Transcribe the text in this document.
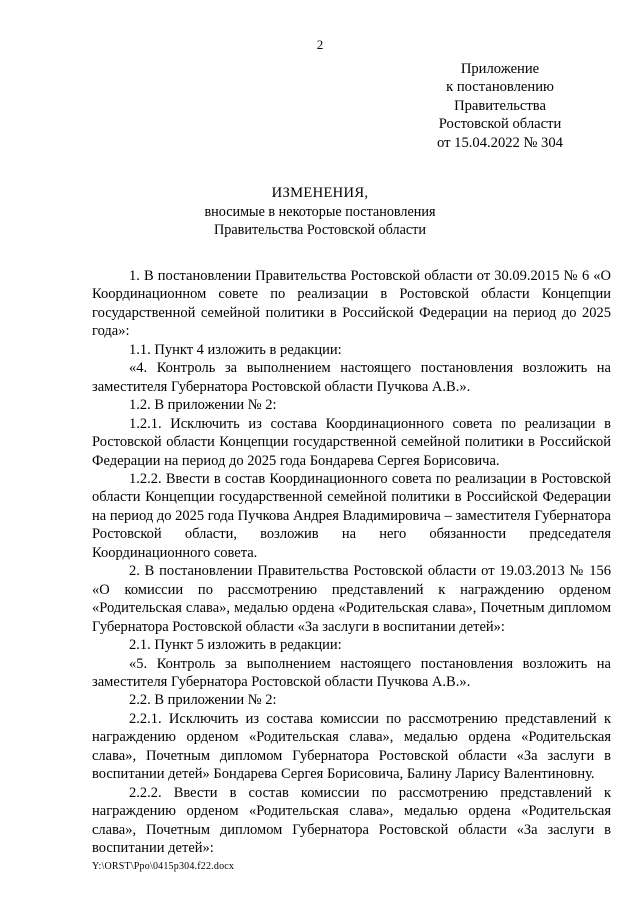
2
Приложение
к постановлению
Правительства
Ростовской области
от 15.04.2022 № 304
ИЗМЕНЕНИЯ,
вносимые в некоторые постановления
Правительства Ростовской области

1. В постановлении Правительства Ростовской области от 30.09.2015 № 6 «О Координационном совете по реализации в Ростовской области Концепции государственной семейной политики в Российской Федерации на период до 2025 года»:

1.1. Пункт 4 изложить в редакции:

«4. Контроль за выполнением настоящего постановления возложить на заместителя Губернатора Ростовской области Пучкова А.В.».

1.2. В приложении № 2:

1.2.1. Исключить из состава Координационного совета по реализации в Ростовской области Концепции государственной семейной политики в Российской Федерации на период до 2025 года Бондарева Сергея Борисовича.

1.2.2. Ввести в состав Координационного совета по реализации в Ростовской области Концепции государственной семейной политики в Российской Федерации на период до 2025 года Пучкова Андрея Владимировича – заместителя Губернатора Ростовской области, возложив на него обязанности председателя Координационного совета.

2. В постановлении Правительства Ростовской области от 19.03.2013 № 156 «О комиссии по рассмотрению представлений к награждению орденом «Родительская слава», медалью ордена «Родительская слава», Почетным дипломом Губернатора Ростовской области «За заслуги в воспитании детей»:

2.1. Пункт 5 изложить в редакции:

«5. Контроль за выполнением настоящего постановления возложить на заместителя Губернатора Ростовской области Пучкова А.В.».

2.2. В приложении № 2:

2.2.1. Исключить из состава комиссии по рассмотрению представлений к награждению орденом «Родительская слава», медалью ордена «Родительская слава», Почетным дипломом Губернатора Ростовской области «За заслуги в воспитании детей» Бондарева Сергея Борисовича, Балину Ларису Валентиновну.

2.2.2. Ввести в состав комиссии по рассмотрению представлений к награждению орденом «Родительская слава», медалью ордена «Родительская слава», Почетным дипломом Губернатора Ростовской области «За заслуги в воспитании детей»:

Y:\ORST\Ppo\0415p304.f22.docx
